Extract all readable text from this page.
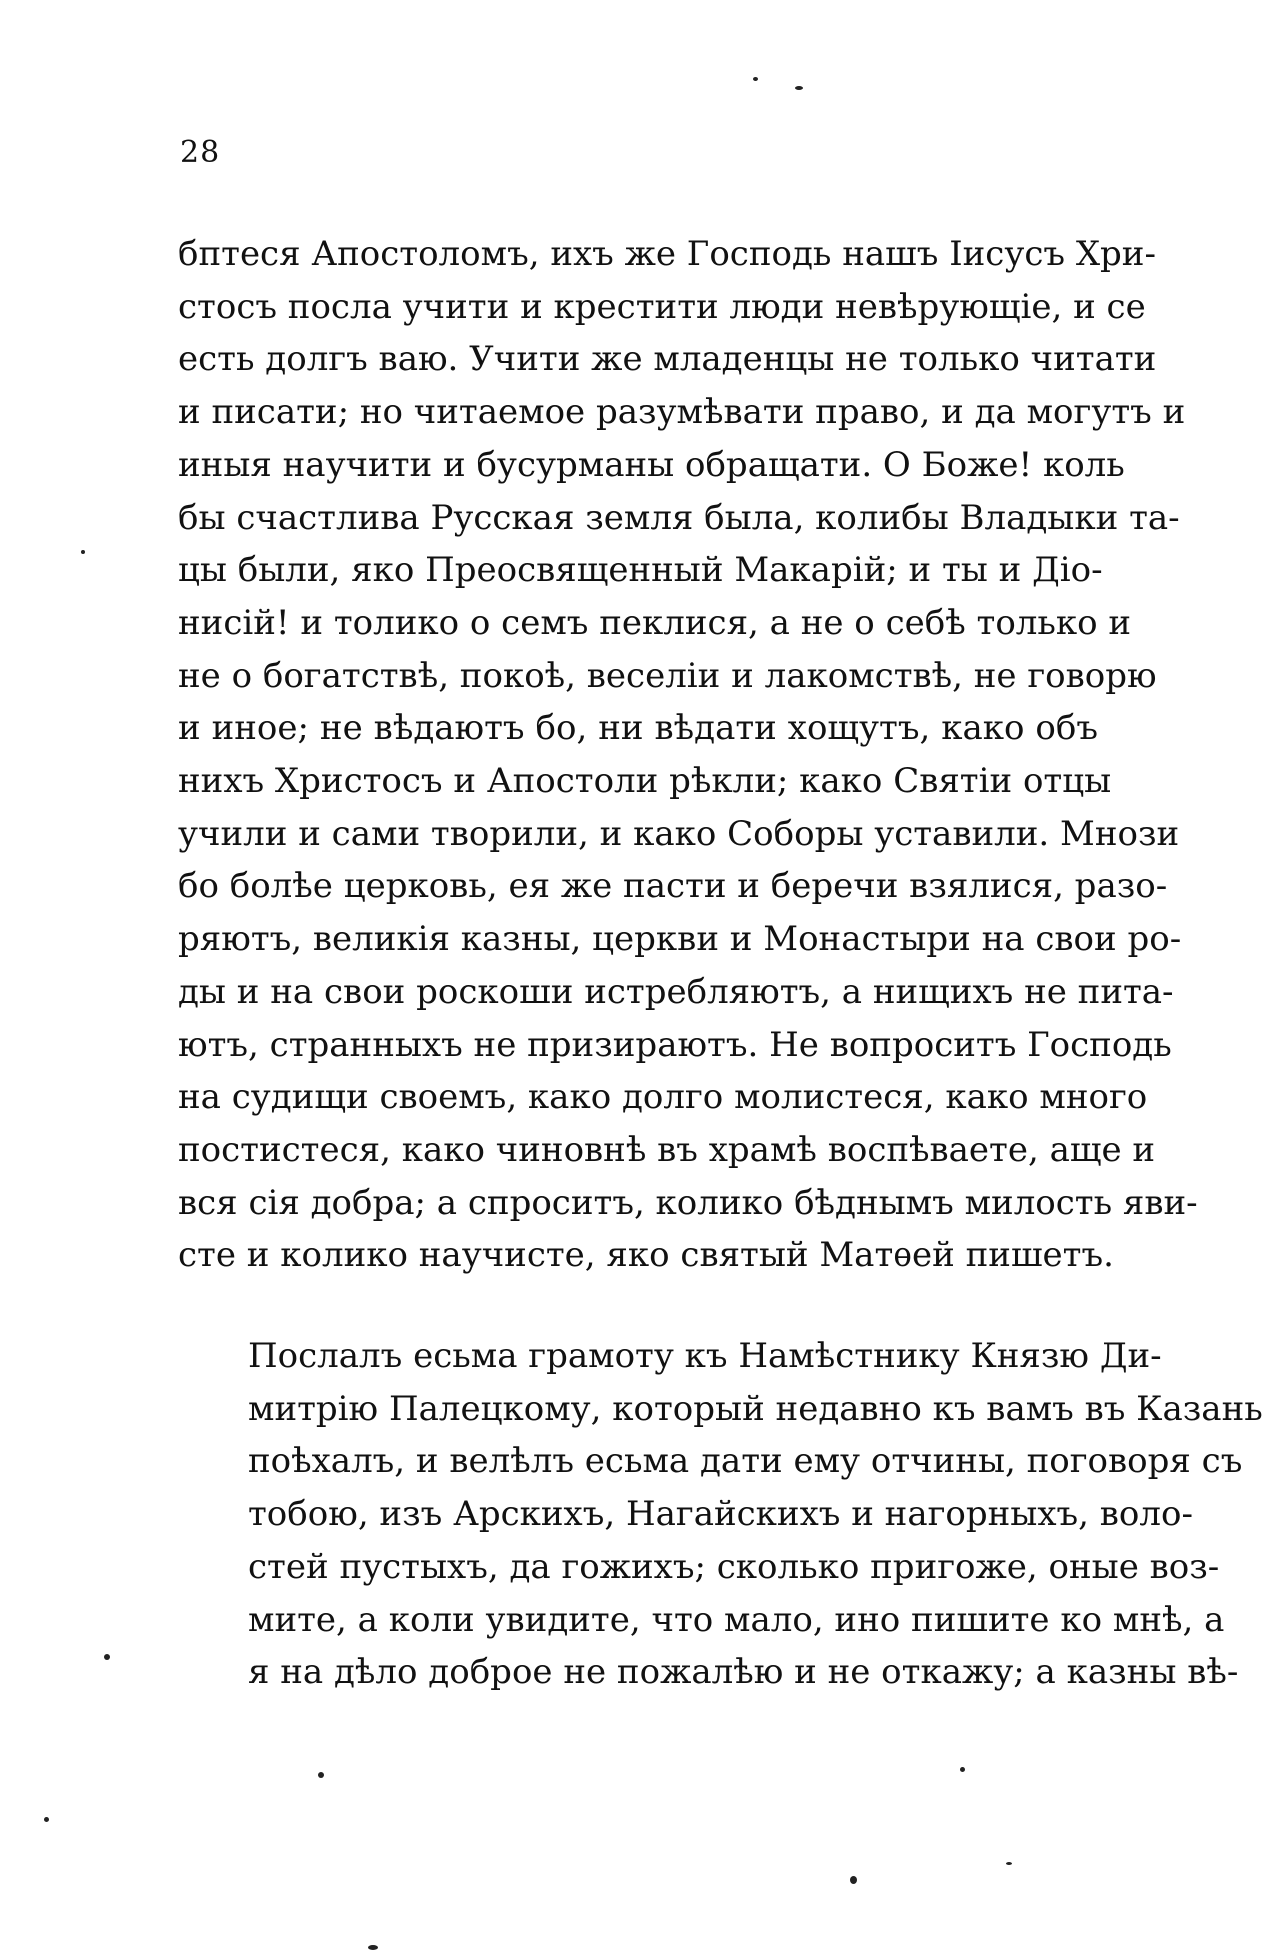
28
бптеся Апостоломъ, ихъ же Господь нашъ Іисусъ Хри-
стосъ посла учити и крестити люди невѣрующіе, и се
есть долгъ ваю. Учити же младенцы не только читати
и писати; но читаемое разумѣвати право, и да могутъ и
иныя научити и бусурманы обращати. О Боже! коль
бы счастлива Русская земля была, колибы Владыки та-
цы были, яко Преосвященный Макарій; и ты и Діо-
нисій! и толико о семъ пеклися, а не о себѣ только и
не о богатствѣ, покоѣ, веселіи и лакомствѣ, не говорю
и иное; не вѣдаютъ бо, ни вѣдати хощутъ, како объ
нихъ Христосъ и Апостоли рѣкли; како Святіи отцы
учили и сами творили, и како Соборы уставили. Мнози
бо болѣе церковь, ея же пасти и беречи взялися, разо-
ряютъ, великія казны, церкви и Монастыри на свои ро-
ды и на свои роскоши истребляютъ, а нищихъ не пита-
ютъ, странныхъ не призираютъ. Не вопроситъ Господь
на судищи своемъ, како долго молистеся, како много
постистеся, како чиновнѣ въ храмѣ воспѣваете, аще и
вся сія добра; а спроситъ, колико бѣднымъ милость яви-
сте и колико научисте, яко святый Матѳей пишетъ.
Послалъ есьма грамоту къ Намѣстнику Князю Ди-
митрію Палецкому, который недавно къ вамъ въ Казань
поѣхалъ, и велѣлъ есьма дати ему отчины, поговоря съ
тобою, изъ Арскихъ, Нагайскихъ и нагорныхъ, воло-
стей пустыхъ, да гожихъ; сколько пригоже, оные воз-
мите, а коли увидите, что мало, ино пишите ко мнѣ, а
я на дѣло доброе не пожалѣю и не откажу; а казны вѣ-
